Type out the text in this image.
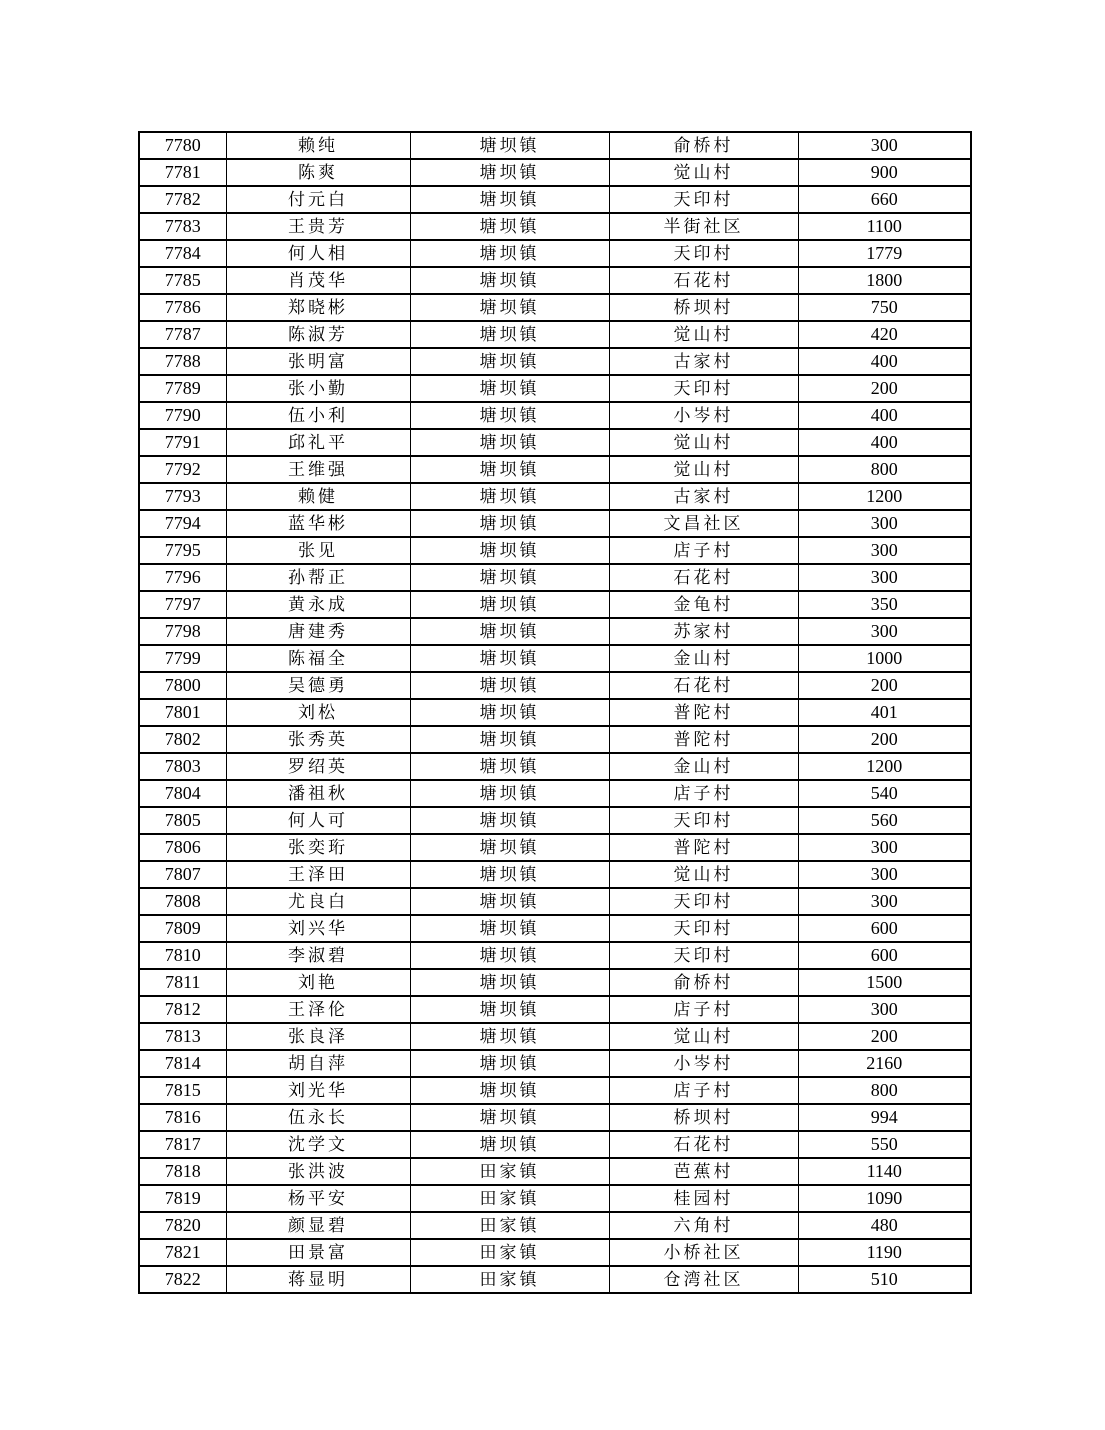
7780	赖纯	塘坝镇	俞桥村	300
7781	陈爽	塘坝镇	觉山村	900
7782	付元白	塘坝镇	天印村	660
7783	王贵芳	塘坝镇	半街社区	1100
7784	何人相	塘坝镇	天印村	1779
7785	肖茂华	塘坝镇	石花村	1800
7786	郑晓彬	塘坝镇	桥坝村	750
7787	陈淑芳	塘坝镇	觉山村	420
7788	张明富	塘坝镇	古家村	400
7789	张小勤	塘坝镇	天印村	200
7790	伍小利	塘坝镇	小岑村	400
7791	邱礼平	塘坝镇	觉山村	400
7792	王维强	塘坝镇	觉山村	800
7793	赖健	塘坝镇	古家村	1200
7794	蓝华彬	塘坝镇	文昌社区	300
7795	张见	塘坝镇	店子村	300
7796	孙帮正	塘坝镇	石花村	300
7797	黄永成	塘坝镇	金龟村	350
7798	唐建秀	塘坝镇	苏家村	300
7799	陈福全	塘坝镇	金山村	1000
7800	吴德勇	塘坝镇	石花村	200
7801	刘松	塘坝镇	普陀村	401
7802	张秀英	塘坝镇	普陀村	200
7803	罗绍英	塘坝镇	金山村	1200
7804	潘祖秋	塘坝镇	店子村	540
7805	何人可	塘坝镇	天印村	560
7806	张奕珩	塘坝镇	普陀村	300
7807	王泽田	塘坝镇	觉山村	300
7808	尤良白	塘坝镇	天印村	300
7809	刘兴华	塘坝镇	天印村	600
7810	李淑碧	塘坝镇	天印村	600
7811	刘艳	塘坝镇	俞桥村	1500
7812	王泽伦	塘坝镇	店子村	300
7813	张良泽	塘坝镇	觉山村	200
7814	胡自萍	塘坝镇	小岑村	2160
7815	刘光华	塘坝镇	店子村	800
7816	伍永长	塘坝镇	桥坝村	994
7817	沈学文	塘坝镇	石花村	550
7818	张洪波	田家镇	芭蕉村	1140
7819	杨平安	田家镇	桂园村	1090
7820	颜显碧	田家镇	六角村	480
7821	田景富	田家镇	小桥社区	1190
7822	蒋显明	田家镇	仓湾社区	510
